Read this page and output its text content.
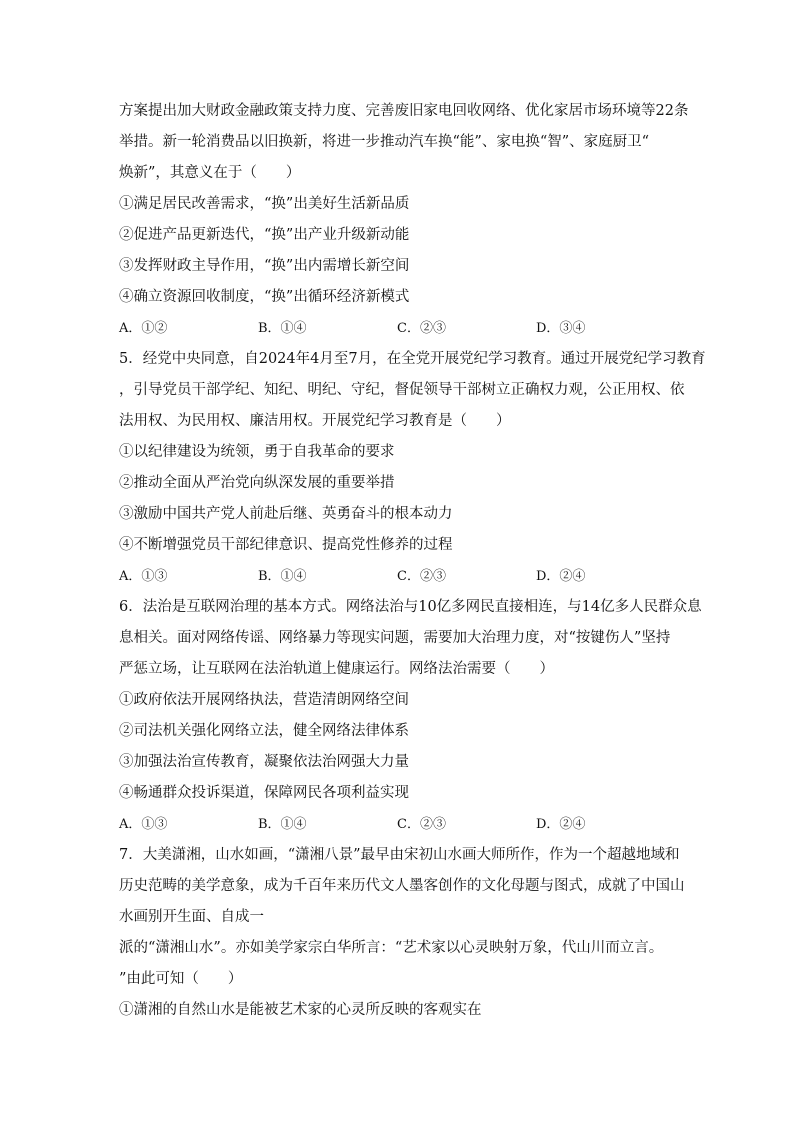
方案提出加大财政金融政策支持力度、完善废旧家电回收网络、优化家居市场环境等22条
举措。新一轮消费品以旧换新，将进一步推动汽车换“能”、家电换“智”、家庭厨卫“
焕新”，其意义在于（　　）
①满足居民改善需求，“换”出美好生活新品质
②促进产品更新迭代，“换”出产业升级新动能
③发挥财政主导作用，“换”出内需增长新空间
④确立资源回收制度，“换”出循环经济新模式
A．①②	B．①④	C．②③	D．③④
5．经党中央同意，自2024年4月至7月，在全党开展党纪学习教育。通过开展党纪学习教育
，引导党员干部学纪、知纪、明纪、守纪，督促领导干部树立正确权力观，公正用权、依
法用权、为民用权、廉洁用权。开展党纪学习教育是（　　）
①以纪律建设为统领，勇于自我革命的要求
②推动全面从严治党向纵深发展的重要举措
③激励中国共产党人前赴后继、英勇奋斗的根本动力
④不断增强党员干部纪律意识、提高党性修养的过程
A．①③	B．①④	C．②③	D．②④
6．法治是互联网治理的基本方式。网络法治与10亿多网民直接相连，与14亿多人民群众息
息相关。面对网络传谣、网络暴力等现实问题，需要加大治理力度，对“按键伤人”坚持
严惩立场，让互联网在法治轨道上健康运行。网络法治需要（　　）
①政府依法开展网络执法，营造清朗网络空间
②司法机关强化网络立法，健全网络法律体系
③加强法治宣传教育，凝聚依法治网强大力量
④畅通群众投诉渠道，保障网民各项利益实现
A．①③	B．①④	C．②③	D．②④
7．大美潇湘，山水如画，“潇湘八景”最早由宋初山水画大师所作，作为一个超越地域和
历史范畴的美学意象，成为千百年来历代文人墨客创作的文化母题与图式，成就了中国山
水画别开生面、自成一
派的“潇湘山水”。亦如美学家宗白华所言：“艺术家以心灵映射万象，代山川而立言。
”由此可知（　　）
①潇湘的自然山水是能被艺术家的心灵所反映的客观实在
